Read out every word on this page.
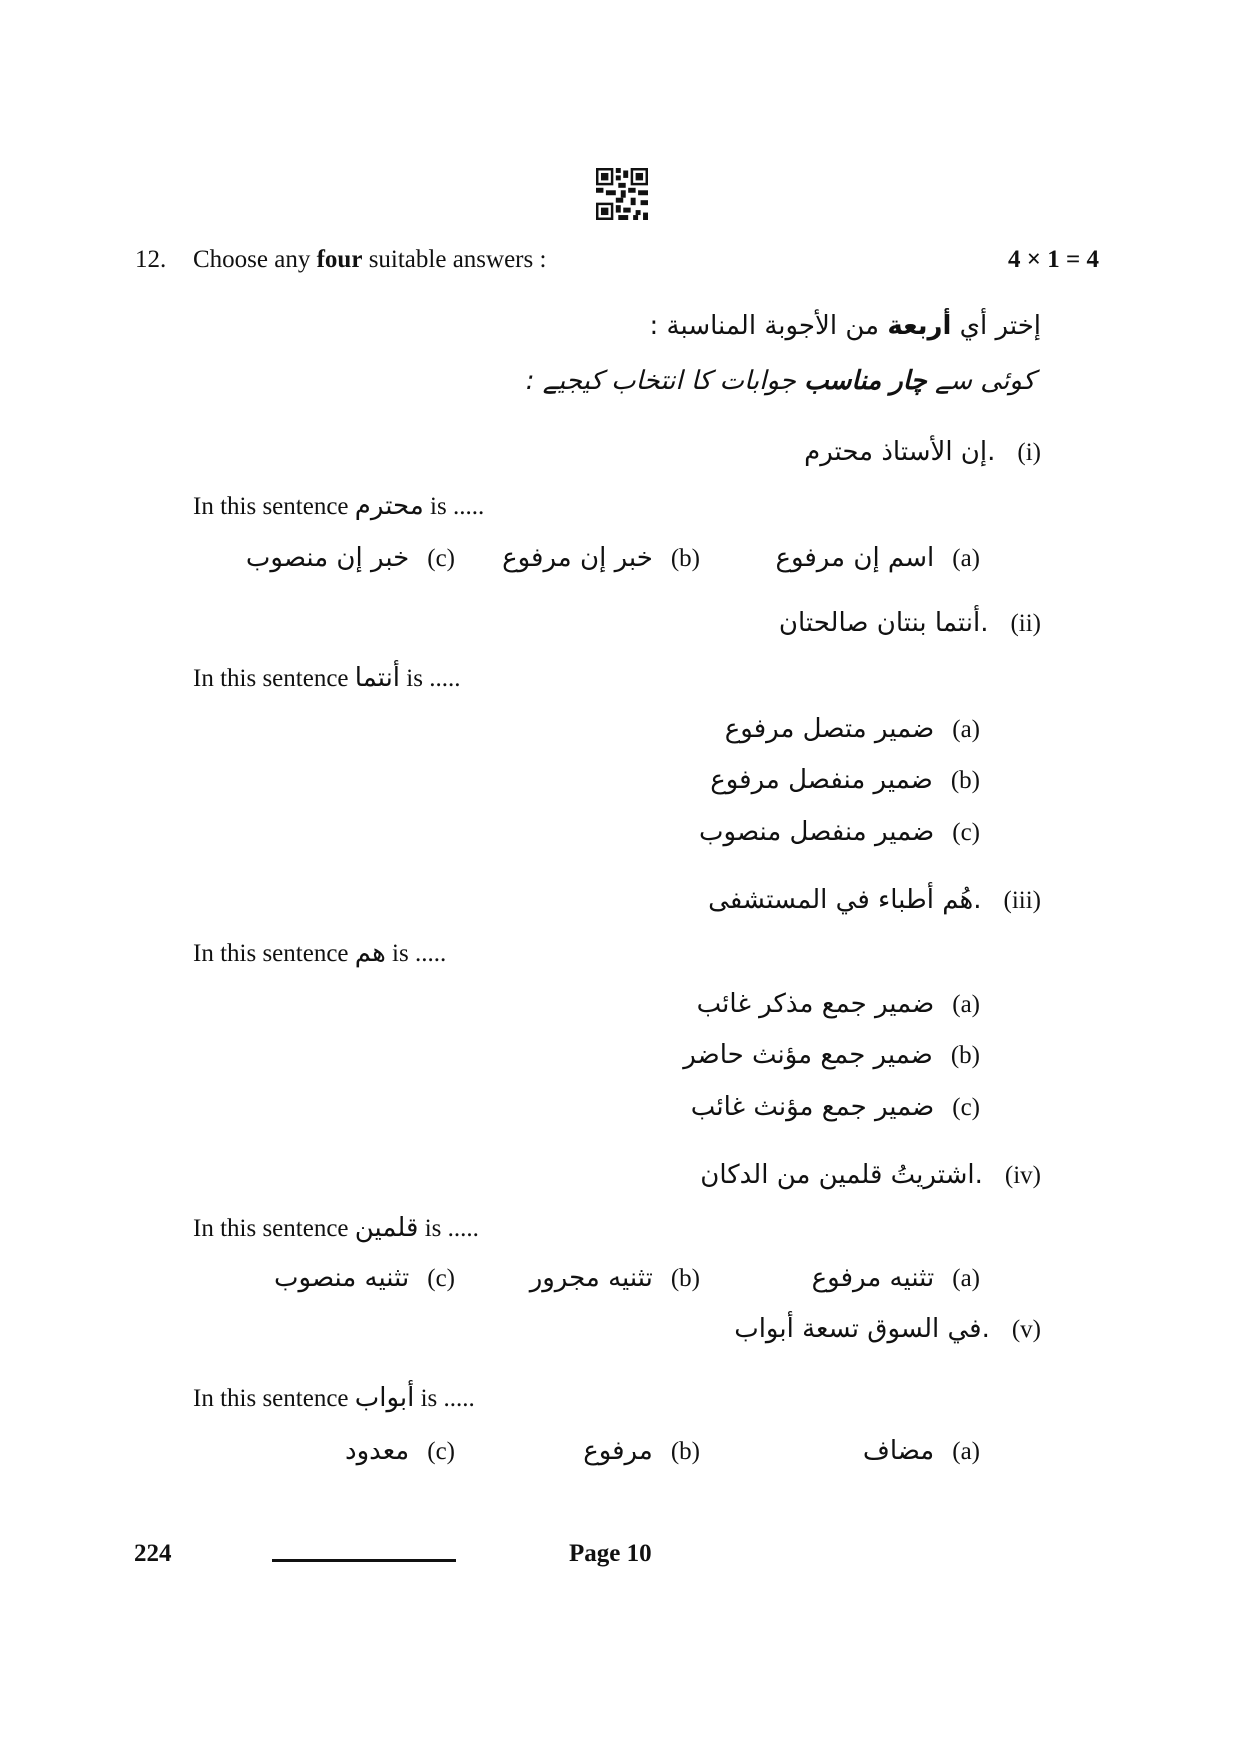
12. Choose any four suitable answers :	4 × 1 = 4
إختر أي أربعة من الأجوبة المناسبة :
کوئی سے چار مناسب جوابات کا انتخاب کیجیے :
إن الأستاذ محترم. (i)
In this sentence محترم is .....
اسم إن مرفوع (a)
خبر إن مرفوع (b)
خبر إن منصوب (c)
أنتما بنتان صالحتان. (ii)
In this sentence أنتما is .....
ضمير متصل مرفوع (a)
ضمير منفصل مرفوع (b)
ضمير منفصل منصوب (c)
هُم أطباء في المستشفى. (iii)
In this sentence هم is .....
ضمير جمع مذكر غائب (a)
ضمير جمع مؤنث حاضر (b)
ضمير جمع مؤنث غائب (c)
اشتريتُ قلمين من الدكان. (iv)
In this sentence قلمين is .....
تثنيه مرفوع (a)
تثنيه مجرور (b)
تثنيه منصوب (c)
في السوق تسعة أبواب. (v)
In this sentence أبواب is .....
مضاف (a)
مرفوع (b)
معدود (c)
224	Page 10
